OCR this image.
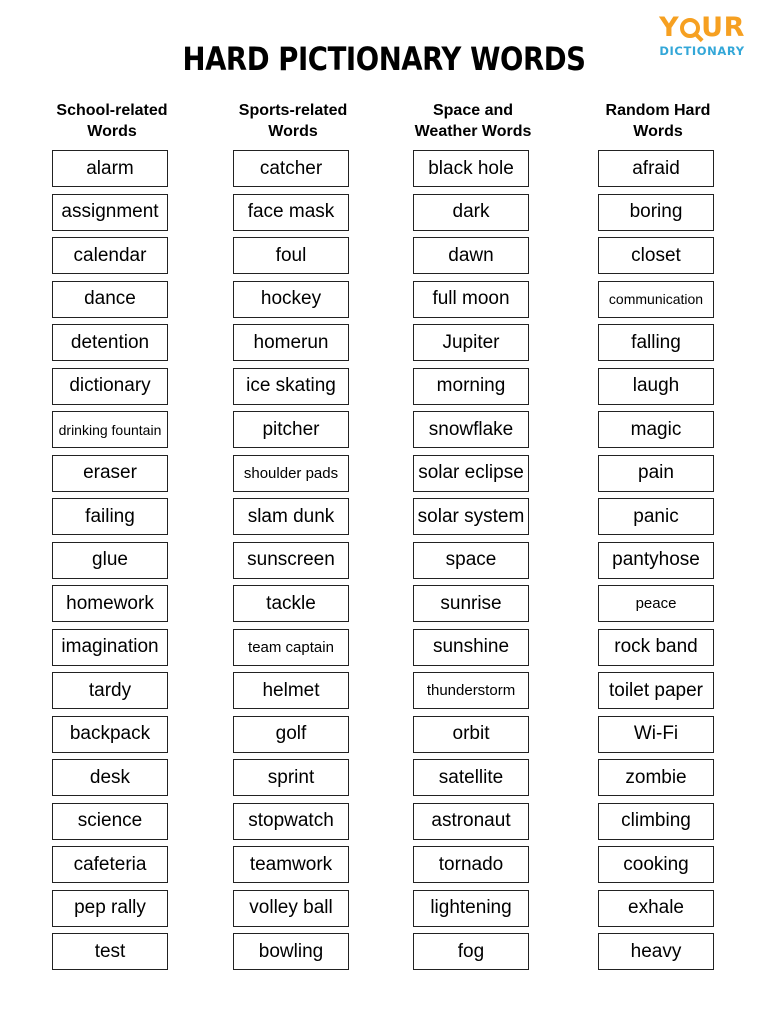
HARD PICTIONARY WORDS
Y UR
DICTIONARY
School-related
Words
alarm
assignment
calendar
dance
detention
dictionary
drinking fountain
eraser
failing
glue
homework
imagination
tardy
backpack
desk
science
cafeteria
pep rally
test
Sports-related
Words
catcher
face mask
foul
hockey
homerun
ice skating
pitcher
shoulder pads
slam dunk
sunscreen
tackle
team captain
helmet
golf
sprint
stopwatch
teamwork
volley ball
bowling
Space and
Weather Words
black hole
dark
dawn
full moon
Jupiter
morning
snowflake
solar eclipse
solar system
space
sunrise
sunshine
thunderstorm
orbit
satellite
astronaut
tornado
lightening
fog
Random Hard
Words
afraid
boring
closet
communication
falling
laugh
magic
pain
panic
pantyhose
peace
rock band
toilet paper
Wi-Fi
zombie
climbing
cooking
exhale
heavy
